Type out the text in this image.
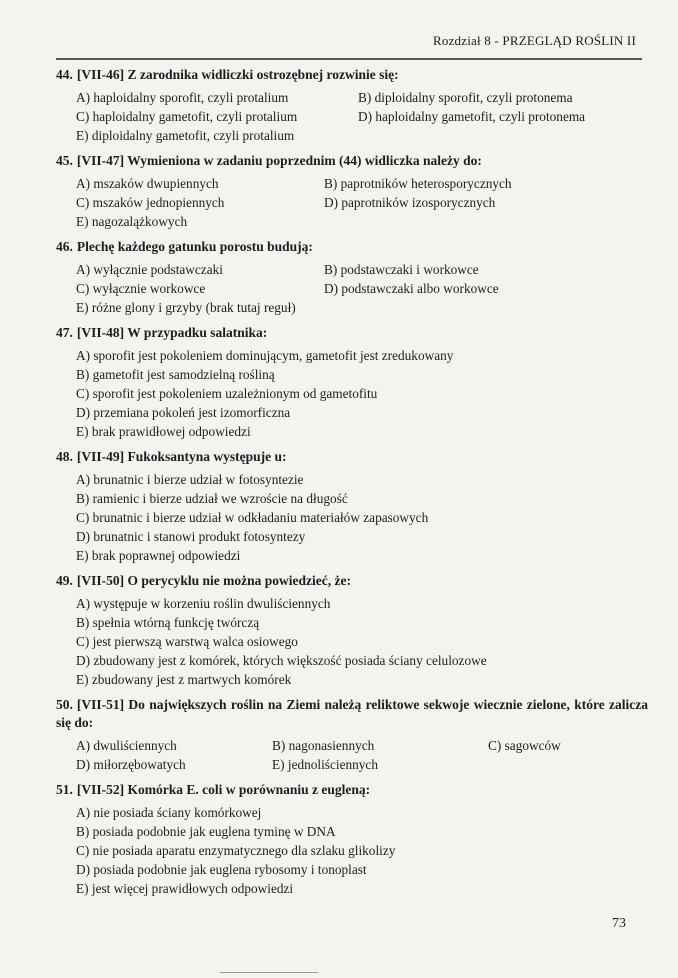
Rozdział 8 - PRZEGLĄD ROŚLIN II
44. [VII-46] Z zarodnika widliczki ostrozębnej rozwinie się:
A) haploidalny sporofit, czyli protalium	B) diploidalny sporofit, czyli protonema
C) haploidalny gametofit, czyli protalium	D) haploidalny gametofit, czyli protonema
E) diploidalny gametofit, czyli protalium
45. [VII-47] Wymieniona w zadaniu poprzednim (44) widliczka należy do:
A) mszaków dwupiennych	B) paprotników heterosporycznych
C) mszaków jednopiennych	D) paprotników izosporycznych
E) nagozalążkowych
46. Plechę każdego gatunku porostu budują:
A) wyłącznie podstawczaki	B) podstawczaki i workowce
C) wyłącznie workowce	D) podstawczaki albo workowce
E) różne glony i grzyby (brak tutaj reguł)
47. [VII-48] W przypadku salatnika:
A) sporofit jest pokoleniem dominującym, gametofit jest zredukowany
B) gametofit jest samodzielną rośliną
C) sporofit jest pokoleniem uzależnionym od gametofitu
D) przemiana pokoleń jest izomorficzna
E) brak prawidłowej odpowiedzi
48. [VII-49] Fukoksantyna występuje u:
A) brunatnic i bierze udział w fotosyntezie
B) ramienic i bierze udział we wzroście na długość
C) brunatnic i bierze udział w odkładaniu materiałów zapasowych
D) brunatnic i stanowi produkt fotosyntezy
E) brak poprawnej odpowiedzi
49. [VII-50] O perycyklu nie można powiedzieć, że:
A) występuje w korzeniu roślin dwuliściennych
B) spełnia wtórną funkcję twórczą
C) jest pierwszą warstwą walca osiowego
D) zbudowany jest z komórek, których większość posiada ściany celulozowe
E) zbudowany jest z martwych komórek
50. [VII-51] Do największych roślin na Ziemi należą reliktowe sekwoje wiecznie zielone, które zalicza się do:
A) dwuliściennych	B) nagonasiennych	C) sagowców
D) miłorzębowatych	E) jednoliściennych
51. [VII-52] Komórka E. coli w porównaniu z eugleną:
A) nie posiada ściany komórkowej
B) posiada podobnie jak euglena tyminę w DNA
C) nie posiada aparatu enzymatycznego dla szlaku glikolizy
D) posiada podobnie jak euglena rybosomy i tonoplast
E) jest więcej prawidłowych odpowiedzi
73
